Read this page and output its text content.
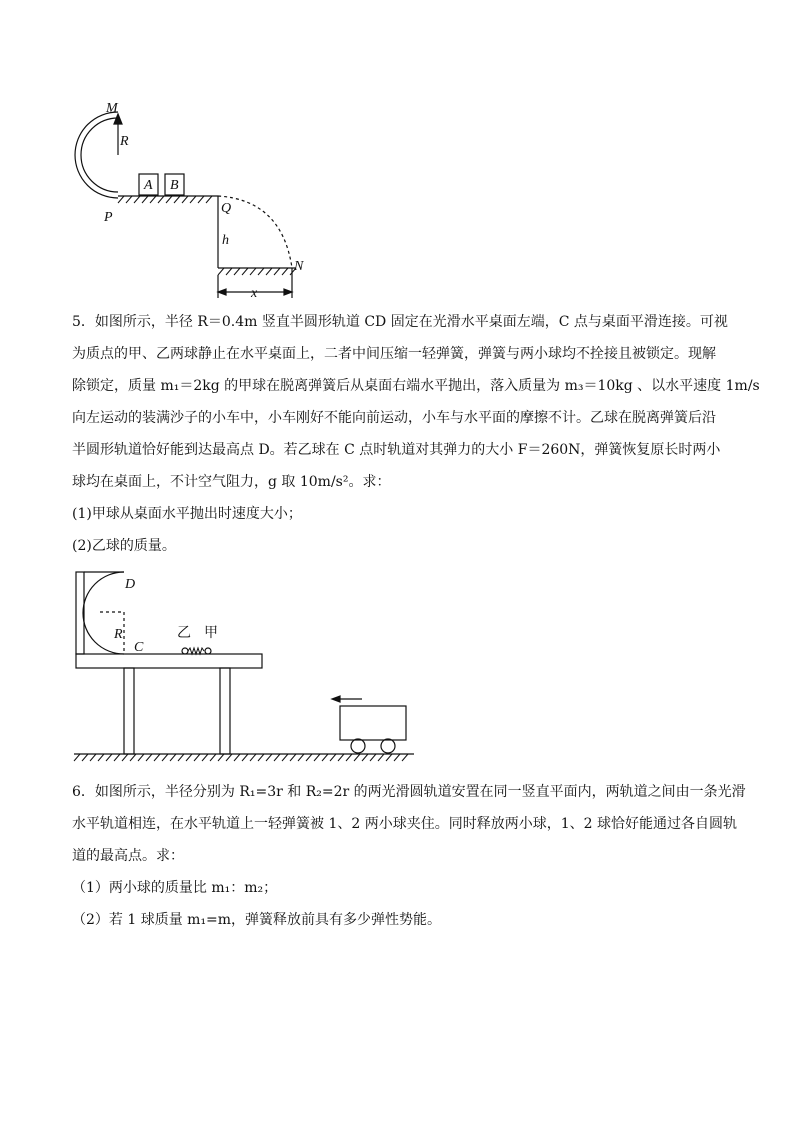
M
R
A B
P
Q
h
N
x
5．如图所示，半径 R＝0.4m 竖直半圆形轨道 CD 固定在光滑水平桌面左端，C 点与桌面平滑连接。可视
为质点的甲、乙两球静止在水平桌面上，二者中间压缩一轻弹簧，弹簧与两小球均不拴接且被锁定。现解
除锁定，质量 m₁＝2kg 的甲球在脱离弹簧后从桌面右端水平抛出，落入质量为 m₃＝10kg 、以水平速度 1m/s
向左运动的装满沙子的小车中，小车刚好不能向前运动，小车与水平面的摩擦不计。乙球在脱离弹簧后沿
半圆形轨道恰好能到达最高点 D。若乙球在 C 点时轨道对其弹力的大小 F＝260N，弹簧恢复原长时两小
球均在桌面上，不计空气阻力，g 取 10m/s²。求：
(1)甲球从桌面水平抛出时速度大小；
(2)乙球的质量。
D
R
C
乙 甲
6．如图所示，半径分别为 R₁=3r 和 R₂=2r 的两光滑圆轨道安置在同一竖直平面内，两轨道之间由一条光滑
水平轨道相连，在水平轨道上一轻弹簧被 1、2 两小球夹住。同时释放两小球，1、2 球恰好能通过各自圆轨
道的最高点。求：
（1）两小球的质量比 m₁：m₂；
（2）若 1 球质量 m₁=m，弹簧释放前具有多少弹性势能。
